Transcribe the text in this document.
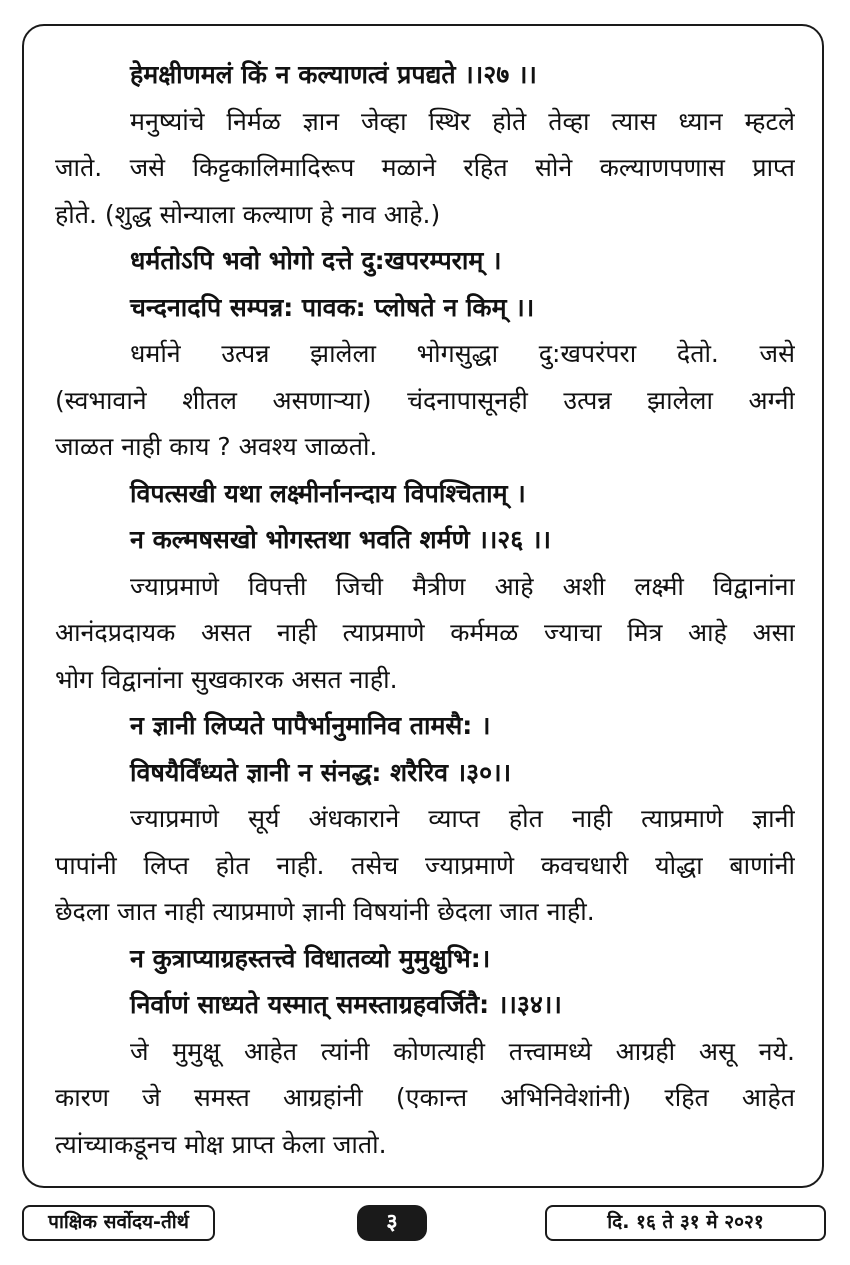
हेमक्षीणमलं किं न कल्याणत्वं प्रपद्यते ।।२७ ।।
मनुष्यांचे निर्मळ ज्ञान जेव्हा स्थिर होते तेव्हा त्यास ध्यान म्हटले
जाते. जसे किट्टकालिमादिरूप मळाने रहित सोने कल्याणपणास प्राप्त
होते. (शुद्ध सोन्याला कल्याण हे नाव आहे.)
धर्मतोऽपि भवो भोगो दत्ते दु:खपरम्पराम् ।
चन्दनादपि सम्पन्न: पावक: प्लोषते न किम् ।।
धर्माने उत्पन्न झालेला भोगसुद्धा दु:खपरंपरा देतो. जसे
(स्वभावाने शीतल असणाऱ्या) चंदनापासूनही उत्पन्न झालेला अग्नी
जाळत नाही काय ? अवश्य जाळतो.
विपत्सखी यथा लक्ष्मीर्नानन्दाय विपश्चिताम् ।
न कल्मषसखो भोगस्तथा भवति शर्मणे ।।२६ ।।
ज्याप्रमाणे विपत्ती जिची मैत्रीण आहे अशी लक्ष्मी विद्वानांना
आनंदप्रदायक असत नाही त्याप्रमाणे कर्ममळ ज्याचा मित्र आहे असा
भोग विद्वानांना सुखकारक असत नाही.
न ज्ञानी लिप्यते पापैर्भानुमानिव तामसै: ।
विषयैर्विंध्यते ज्ञानी न संनद्ध: शरैरिव ।३०।।
ज्याप्रमाणे सूर्य अंधकाराने व्याप्त होत नाही त्याप्रमाणे ज्ञानी
पापांनी लिप्त होत नाही. तसेच ज्याप्रमाणे कवचधारी योद्धा बाणांनी
छेदला जात नाही त्याप्रमाणे ज्ञानी विषयांनी छेदला जात नाही.
न कुत्राप्याग्रहस्तत्त्वे विधातव्यो मुमुक्षुभि:।
निर्वाणं साध्यते यस्मात् समस्ताग्रहवर्जितै: ।।३४।।
जे मुमुक्षू आहेत त्यांनी कोणत्याही तत्त्वामध्ये आग्रही असू नये.
कारण जे समस्त आग्रहांनी (एकान्त अभिनिवेशांनी) रहित आहेत
त्यांच्याकडूनच मोक्ष प्राप्त केला जातो.
पाक्षिक सर्वोदय-तीर्थ	३	दि. १६ ते ३१ मे २०२१
